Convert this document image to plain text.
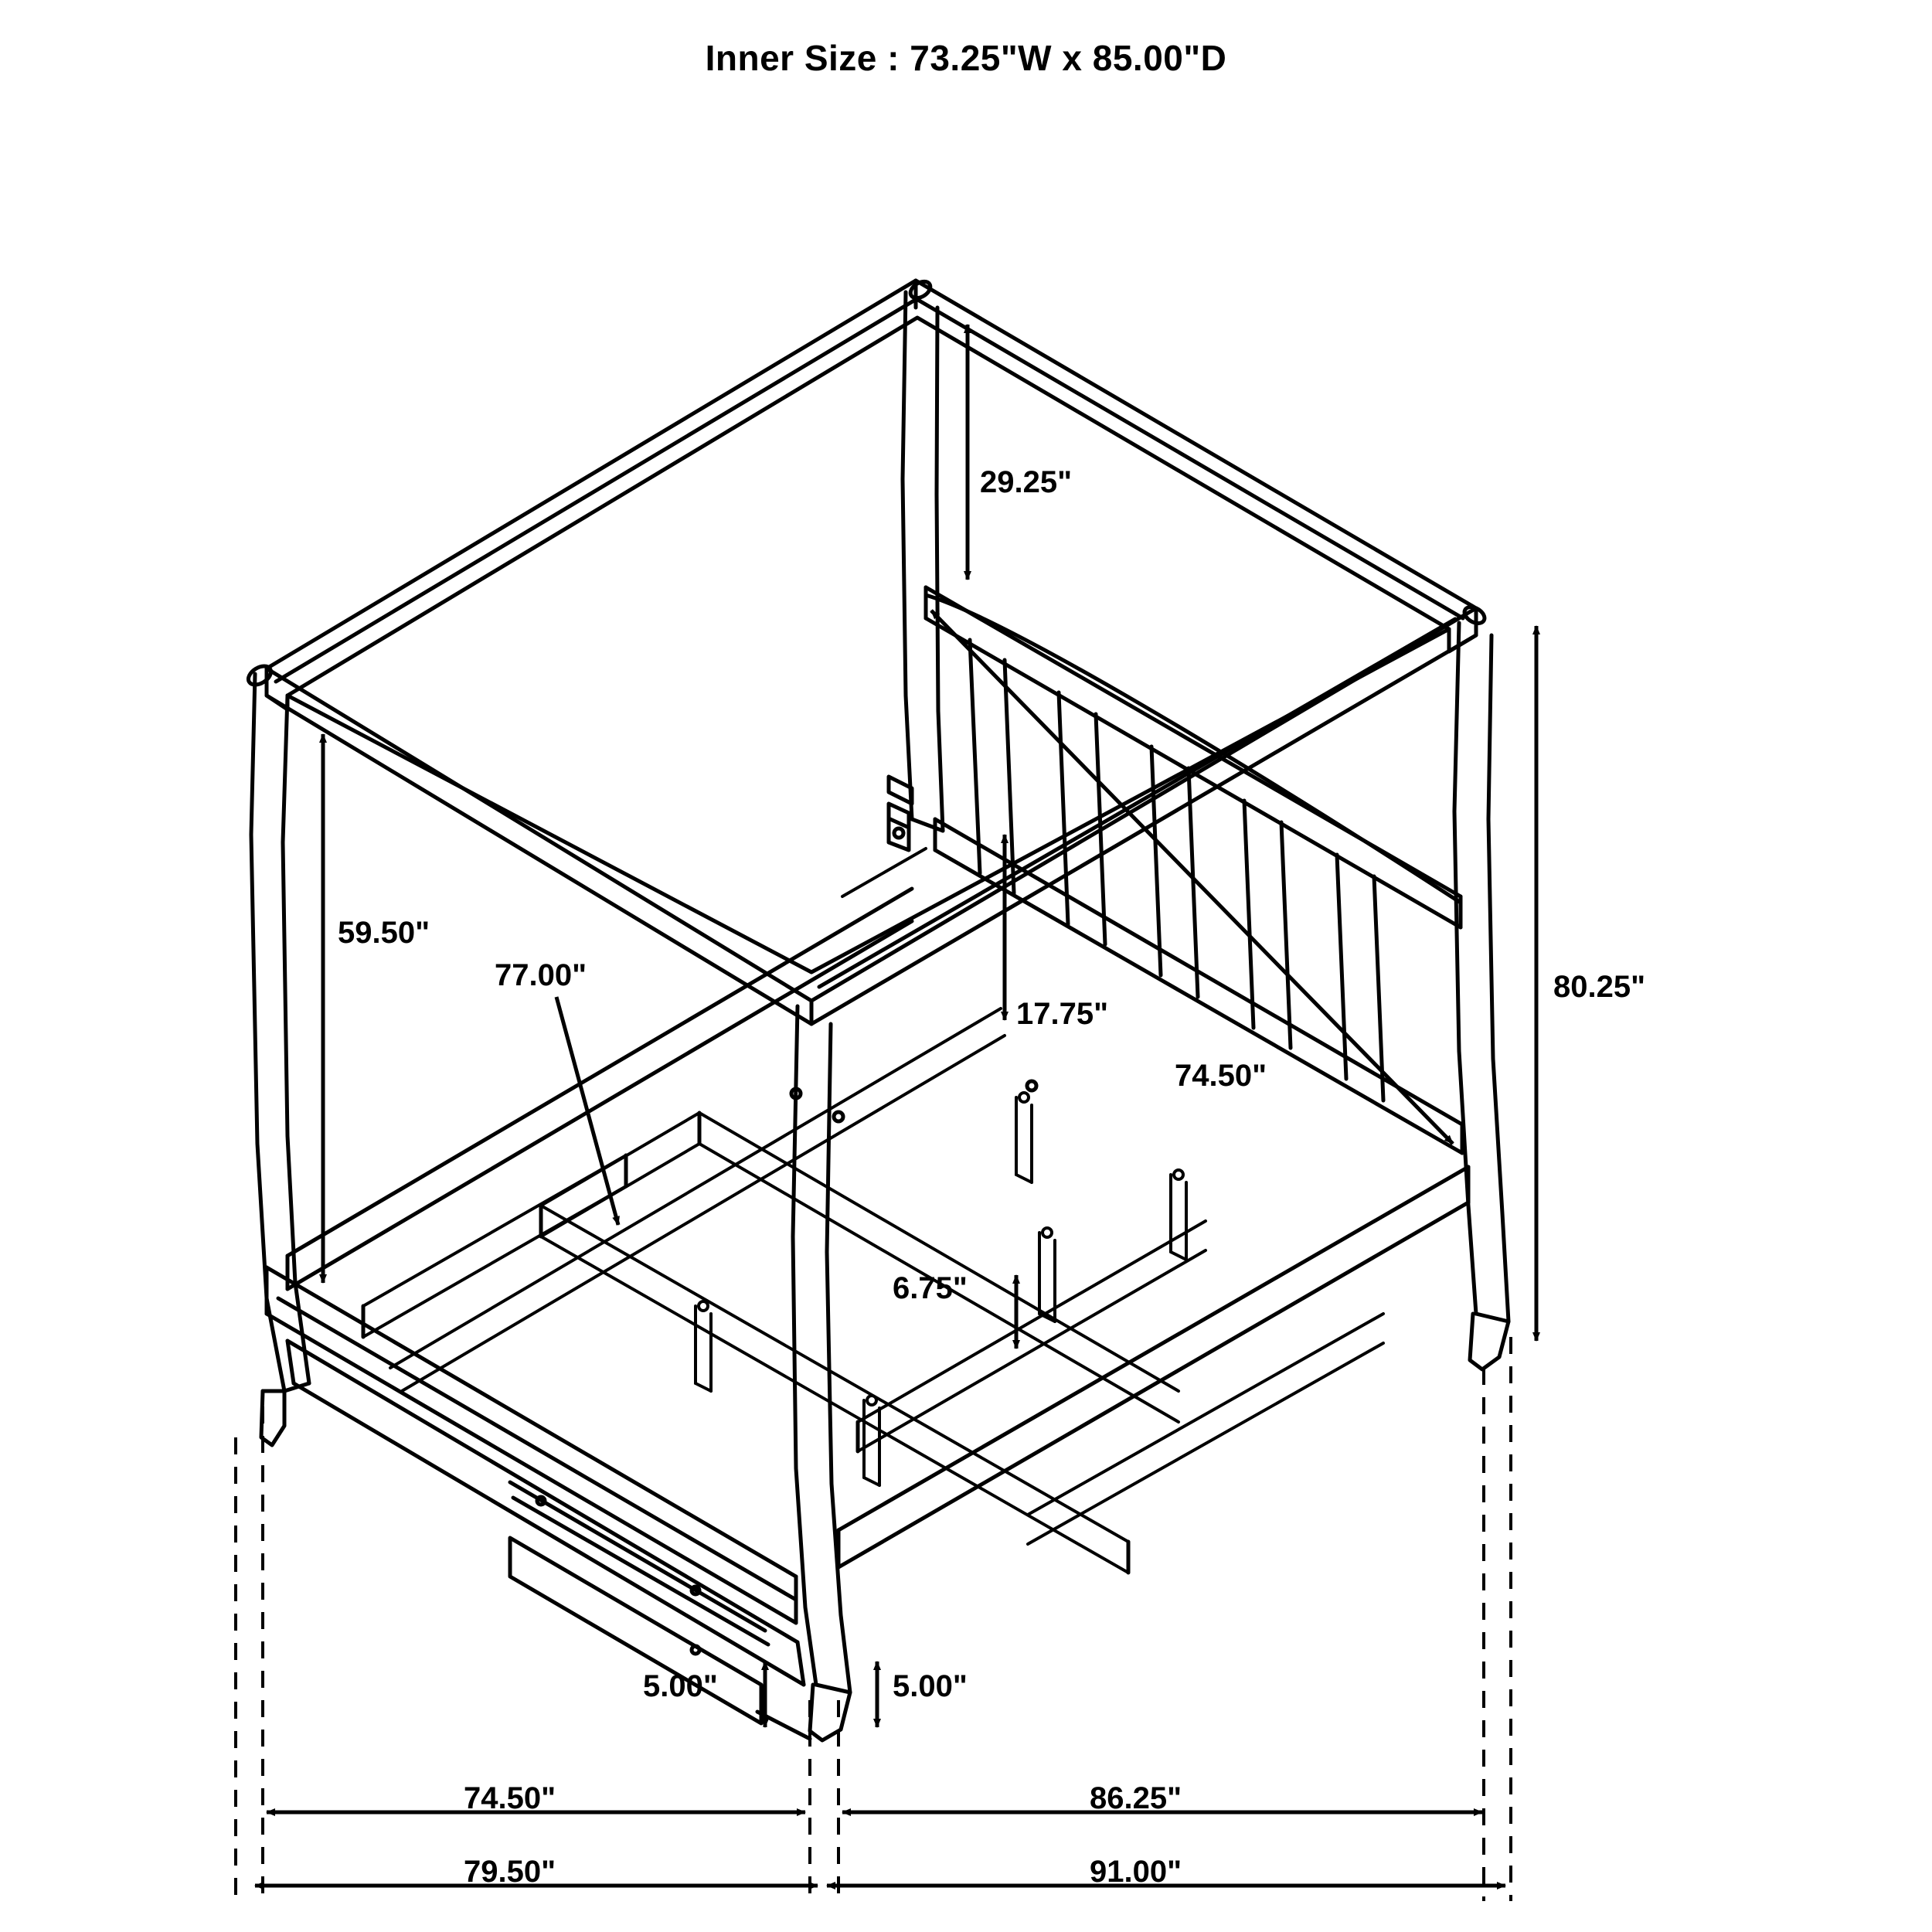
Inner Size : 73.25"W x 85.00"D
29.25"
59.50"
77.00"	80.25"
17.75"
74.50"
6.75"
5.00"	5.00"
74.50"	86.25"
79.50"	91.00"
